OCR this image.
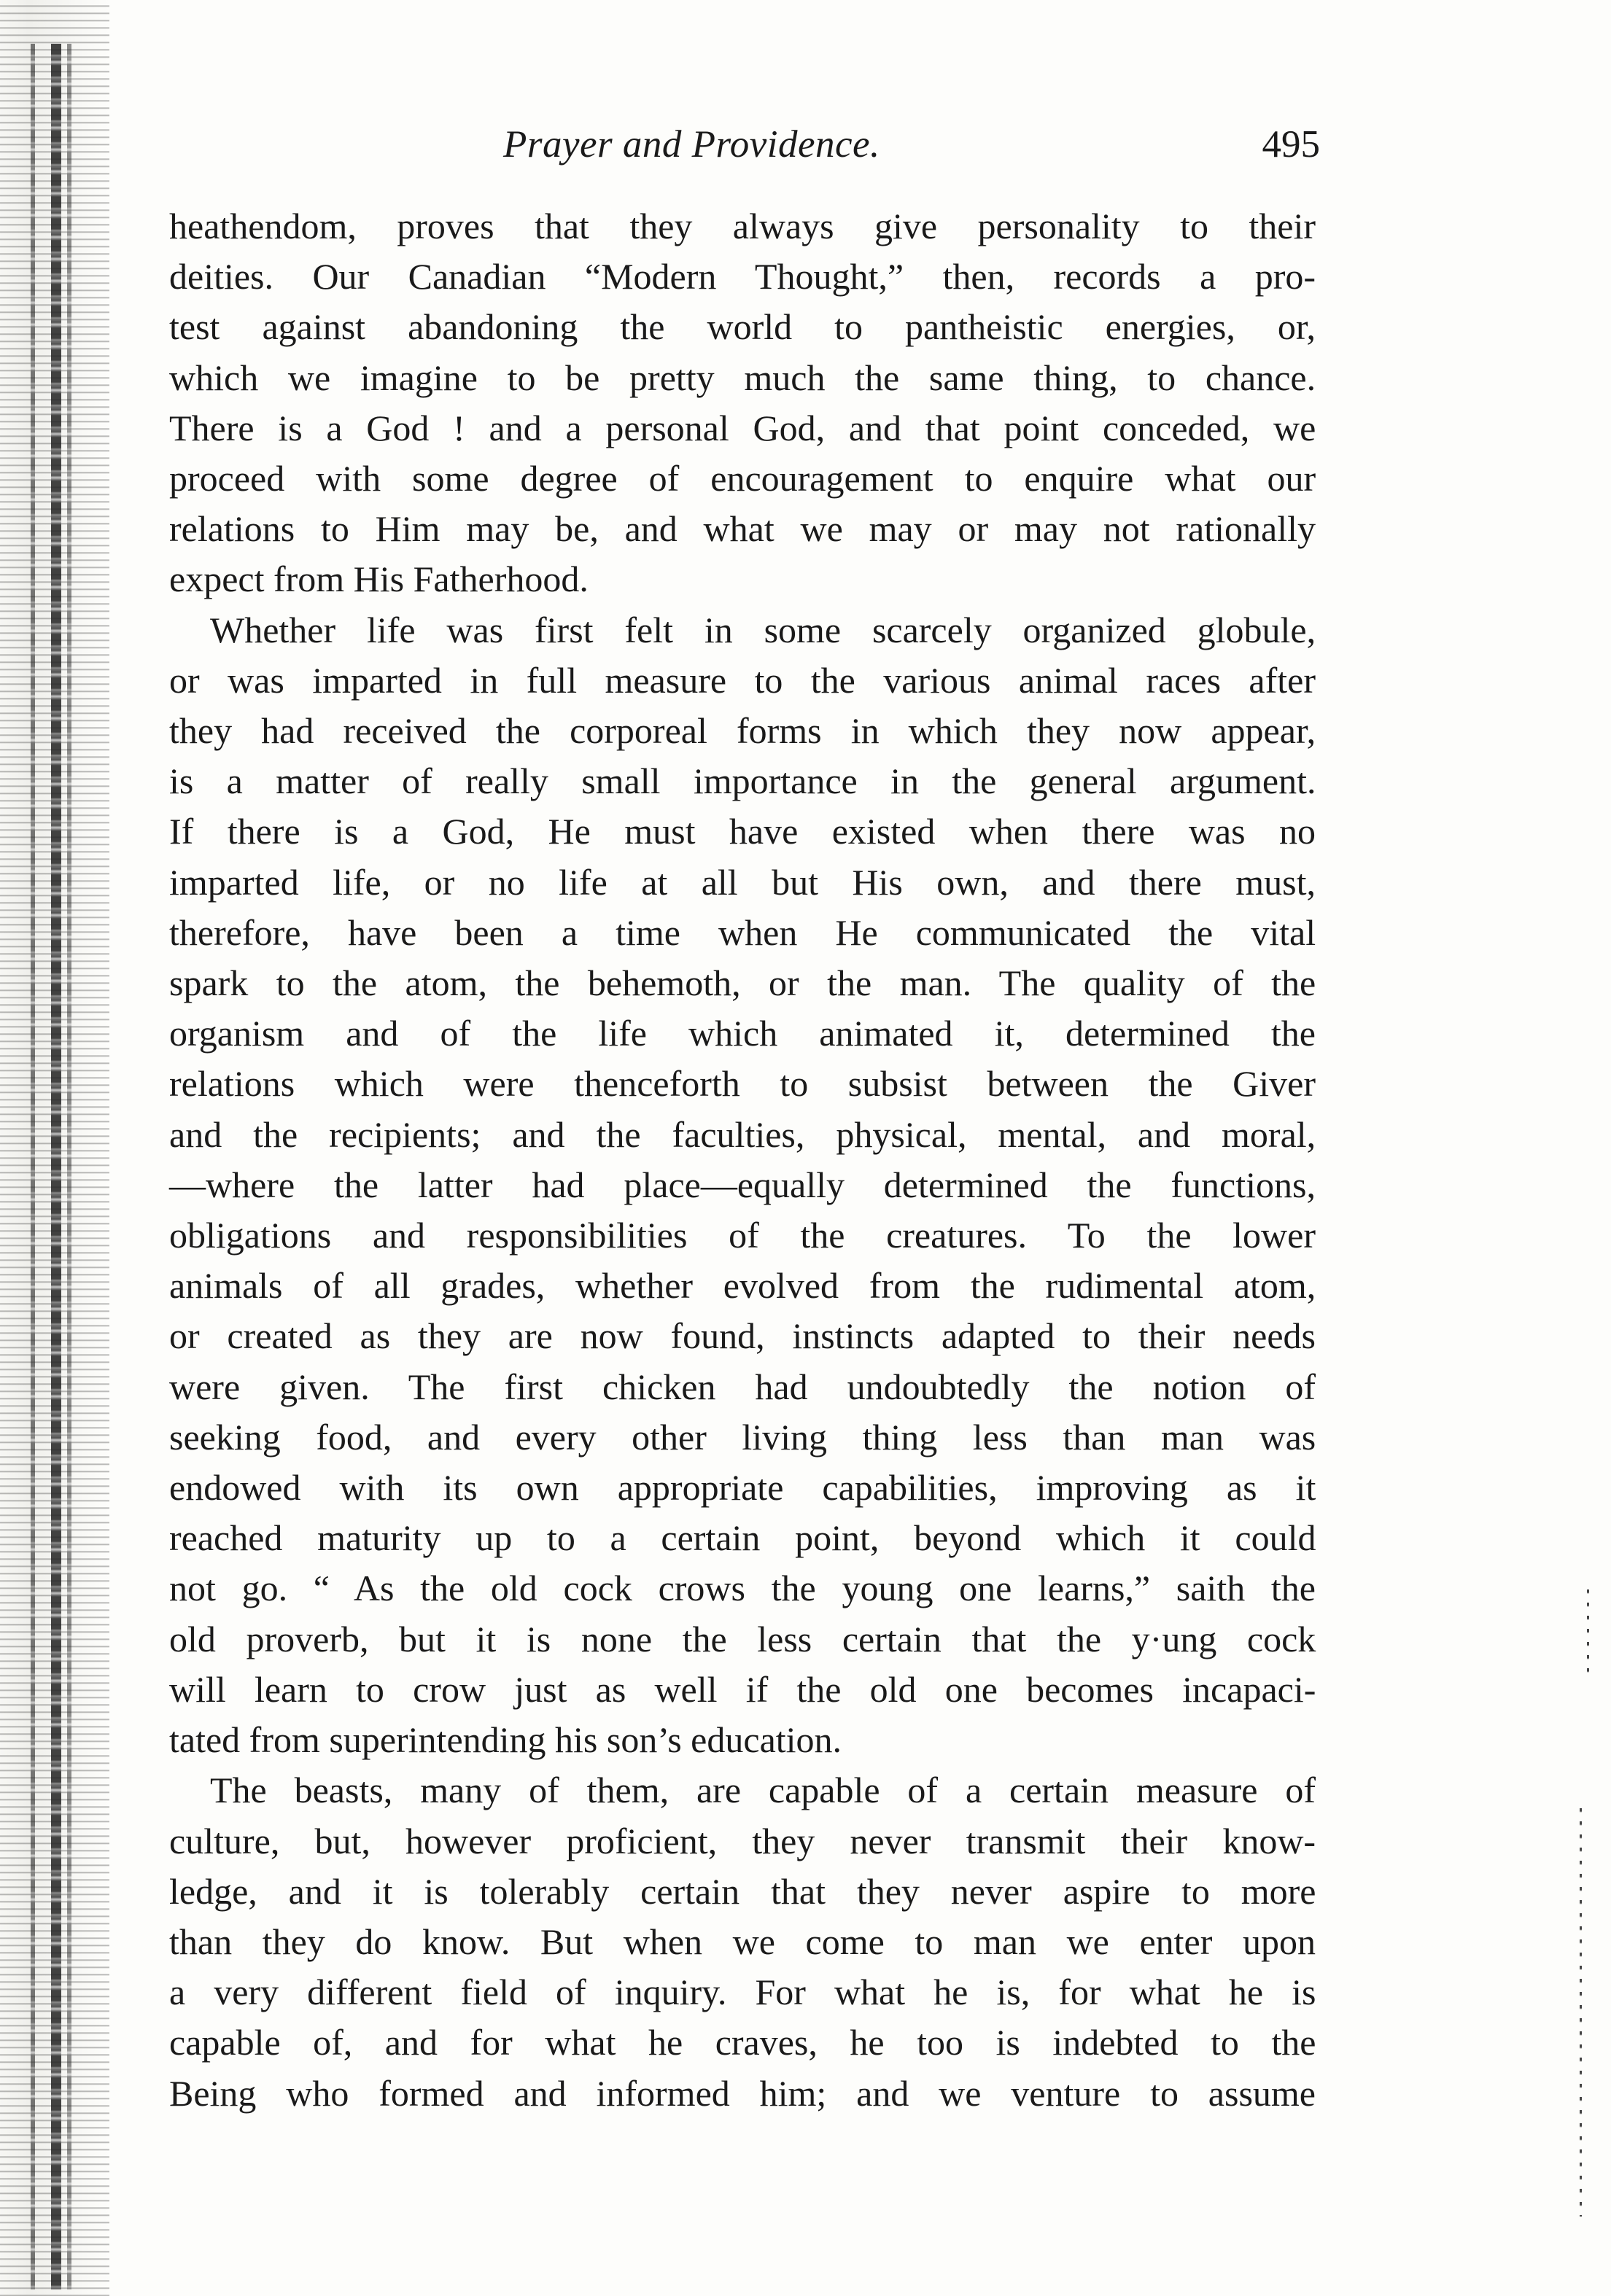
Prayer and Providence.	495

heathendom, proves that they always give personality to their
deities. Our Canadian “Modern Thought,” then, records a pro-
test against abandoning the world to pantheistic energies, or,
which we imagine to be pretty much the same thing, to chance.
There is a God ! and a personal God, and that point conceded, we
proceed with some degree of encouragement to enquire what our
relations to Him may be, and what we may or may not rationally
expect from His Fatherhood.

Whether life was first felt in some scarcely organized globule,
or was imparted in full measure to the various animal races after
they had received the corporeal forms in which they now appear,
is a matter of really small importance in the general argument.
If there is a God, He must have existed when there was no
imparted life, or no life at all but His own, and there must,
therefore, have been a time when He communicated the vital
spark to the atom, the behemoth, or the man. The quality of the
organism and of the life which animated it, determined the
relations which were thenceforth to subsist between the Giver
and the recipients; and the faculties, physical, mental, and moral,
—where the latter had place—equally determined the functions,
obligations and responsibilities of the creatures. To the lower
animals of all grades, whether evolved from the rudimental atom,
or created as they are now found, instincts adapted to their needs
were given. The first chicken had undoubtedly the notion of
seeking food, and every other living thing less than man was
endowed with its own appropriate capabilities, improving as it
reached maturity up to a certain point, beyond which it could
not go. “ As the old cock crows the young one learns,” saith the
old proverb, but it is none the less certain that the y·ung cock
will learn to crow just as well if the old one becomes incapaci-
tated from superintending his son’s education.

The beasts, many of them, are capable of a certain measure of
culture, but, however proficient, they never transmit their know-
ledge, and it is tolerably certain that they never aspire to more
than they do know. But when we come to man we enter upon
a very different field of inquiry. For what he is, for what he is
capable of, and for what he craves, he too is indebted to the
Being who formed and informed him; and we venture to assume
